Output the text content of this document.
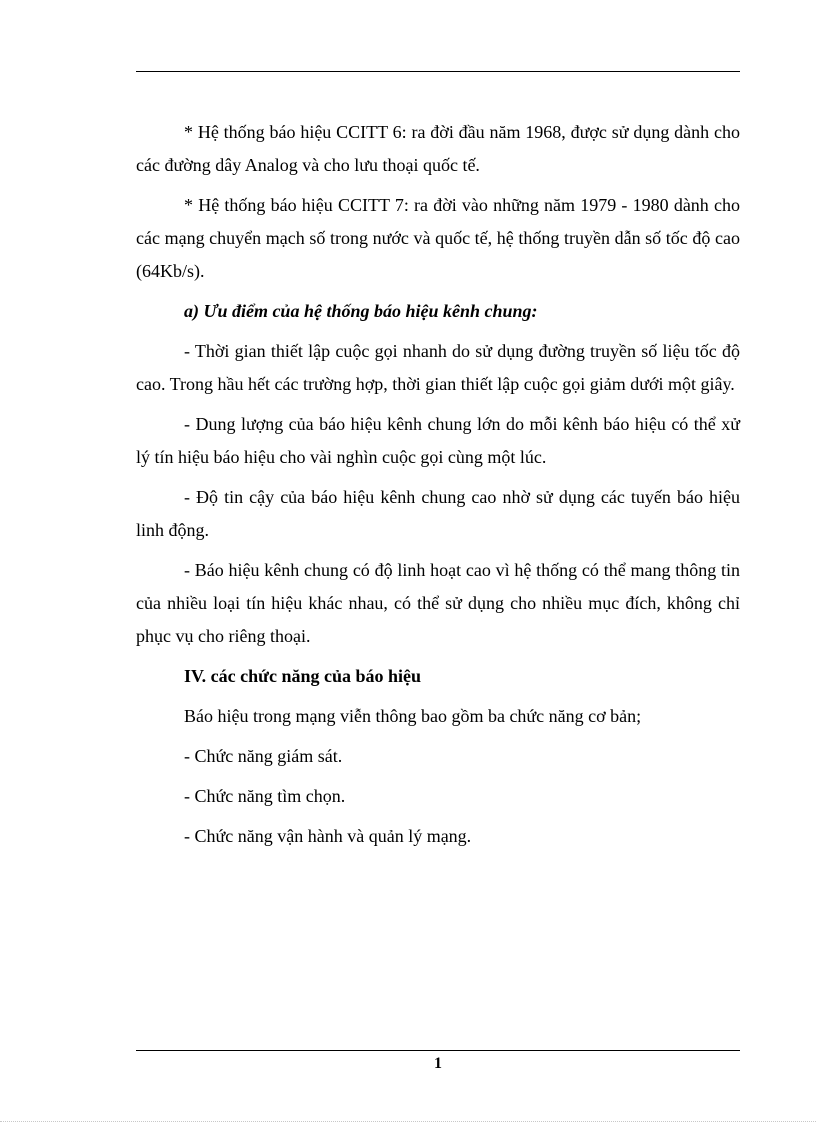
* Hệ thống báo hiệu CCITT 6: ra đời đầu năm 1968, được sử dụng dành cho các đường dây Analog và cho lưu thoại quốc tế.

* Hệ thống báo hiệu CCITT 7: ra đời vào những năm 1979 - 1980 dành cho các mạng chuyển mạch số trong nước và quốc tế, hệ thống truyền dẫn số tốc độ cao (64Kb/s).

a) Ưu điểm của hệ thống báo hiệu kênh chung:

- Thời gian thiết lập cuộc gọi nhanh do sử dụng đường truyền số liệu tốc độ cao. Trong hầu hết các trường hợp, thời gian thiết lập cuộc gọi giảm dưới một giây.

- Dung lượng của báo hiệu kênh chung lớn do mỗi kênh báo hiệu có thể xử lý tín hiệu báo hiệu cho vài nghìn cuộc gọi cùng một lúc.

- Độ tin cậy của báo hiệu kênh chung cao nhờ sử dụng các tuyến báo hiệu linh động.

- Báo hiệu kênh chung có độ linh hoạt cao vì hệ thống có thể mang thông tin của nhiều loại tín hiệu khác nhau, có thể sử dụng cho nhiều mục đích, không chỉ phục vụ cho riêng thoại.

IV. các chức năng của báo hiệu

Báo hiệu trong mạng viễn thông bao gồm ba chức năng cơ bản;

- Chức năng giám sát.

- Chức năng tìm chọn.

- Chức năng vận hành và quản lý mạng.

1
